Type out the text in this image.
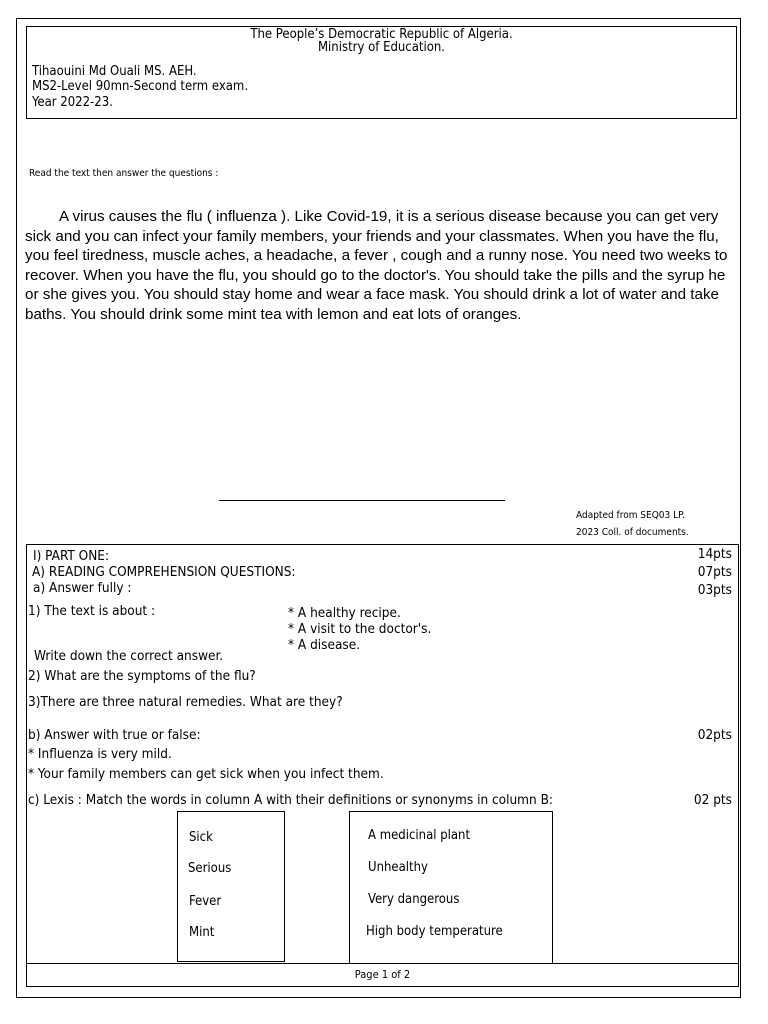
The People’s Democratic Republic of Algeria.
Ministry of Education.
Tihaouini Md Ouali MS. AEH.
MS2-Level 90mn-Second term exam.
Year 2022-23.
Read the text then answer the questions :

A virus causes the flu ( influenza ). Like Covid-19, it is a serious disease because you can get very sick and you can infect your family members, your friends and your classmates. When you have the flu, you feel tiredness, muscle aches, a headache, a fever , cough and a runny nose. You need two weeks to recover. When you have the flu, you should go to the doctor's. You should take the pills and the syrup he or she gives you. You should stay home and wear a face mask. You should drink a lot of water and take baths. You should drink some mint tea with lemon and eat lots of oranges.

Adapted from SEQ03 LP.
2023 Coll. of documents.
I) PART ONE:	14pts
A) READING COMPREHENSION QUESTIONS:	07pts
a) Answer fully :	03pts
1) The text is about :	* A healthy recipe.
* A visit to the doctor's.
* A disease.
Write down the correct answer.
2) What are the symptoms of the flu?
3)There are three natural remedies. What are they?
b) Answer with true or false:	02pts
* Influenza is very mild.
* Your family members can get sick when you infect them.
c) Lexis : Match the words in column A with their definitions or synonyms in column B:	02 pts
Sick
Serious
Fever
Mint
A medicinal plant
Unhealthy
Very dangerous
High body temperature
Page 1 of 2
